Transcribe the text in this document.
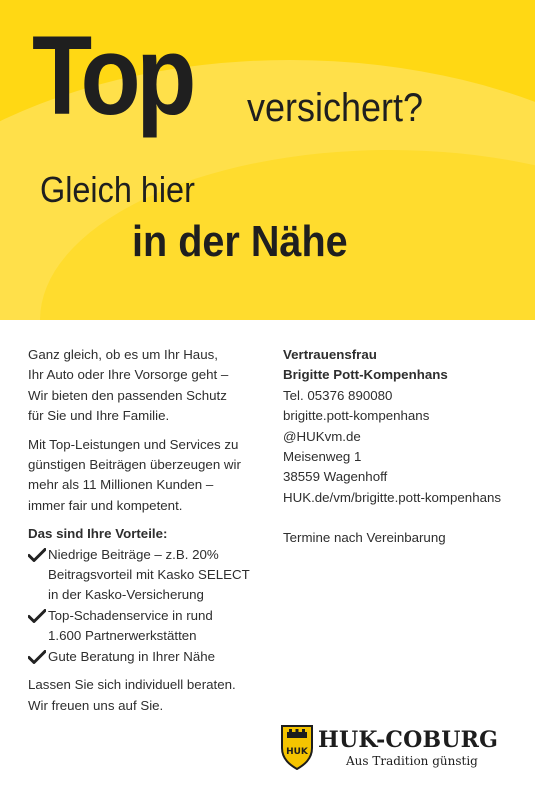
Top versichert?
Gleich hier
in der Nähe

Ganz gleich, ob es um Ihr Haus,
Ihr Auto oder Ihre Vorsorge geht –
Wir bieten den passenden Schutz
für Sie und Ihre Familie.

Mit Top-Leistungen und Services zu
günstigen Beiträgen überzeugen wir
mehr als 11 Millionen Kunden –
immer fair und kompetent.

Das sind Ihre Vorteile:
Niedrige Beiträge – z.B. 20%
Beitragsvorteil mit Kasko SELECT
in der Kasko-Versicherung
Top-Schadenservice in rund
1.600 Partnerwerkstätten
Gute Beratung in Ihrer Nähe

Lassen Sie sich individuell beraten.
Wir freuen uns auf Sie.

Vertrauensfrau
Brigitte Pott-Kompenhans
Tel. 05376 890080
brigitte.pott-kompenhans
@HUKvm.de
Meisenweg 1
38559 Wagenhoff
HUK.de/vm/brigitte.pott-kompenhans
Termine nach Vereinbarung
HUK HUK-COBURG
Aus Tradition günstig
